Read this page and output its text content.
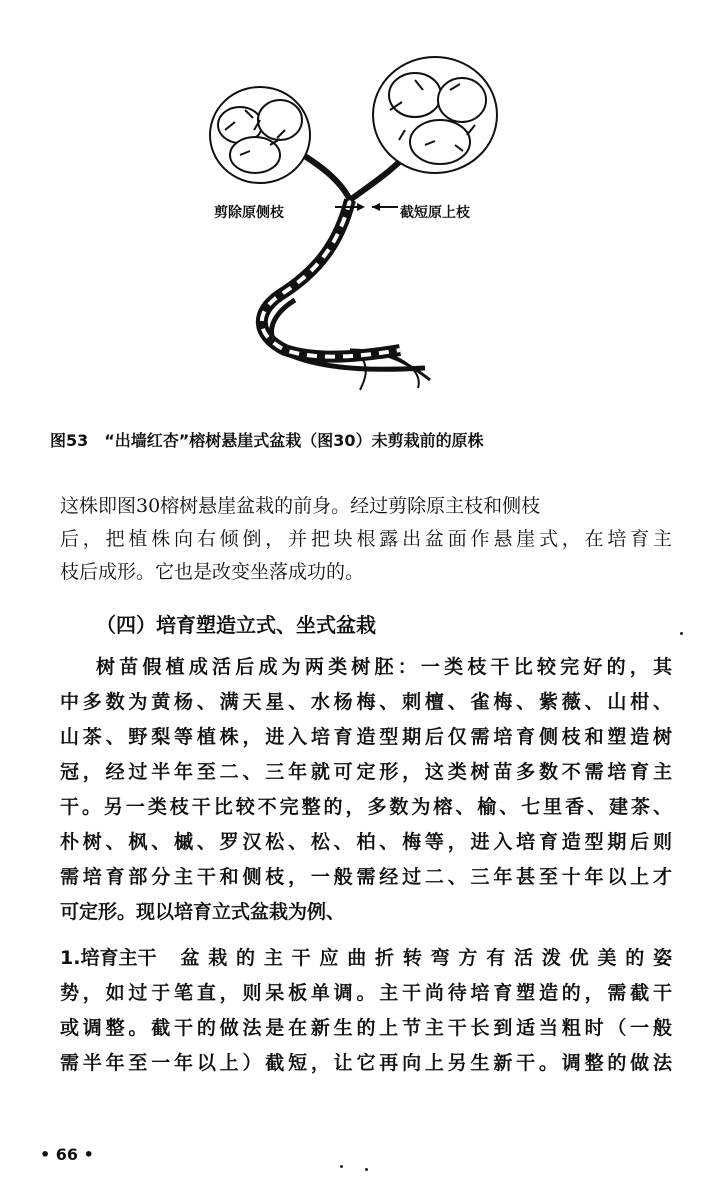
剪除原侧枝	截短原上枝
图53　“出墙红杏”榕树悬崖式盆栽（图30）未剪栽前的原株
这株即图30榕树悬崖盆栽的前身。经过剪除原主枝和侧枝
后，把植株向右倾倒，并把块根露出盆面作悬崖式，在培育主
枝后成形。它也是改变坐落成功的。
（四）培育塑造立式、坐式盆栽
树苗假植成活后成为两类树胚：一类枝干比较完好的，其
中多数为黄杨、满天星、水杨梅、刺檀、雀梅、紫薇、山柑、
山茶、野梨等植株，进入培育造型期后仅需培育侧枝和塑造树
冠，经过半年至二、三年就可定形，这类树苗多数不需培育主
干。另一类枝干比较不完整的，多数为榕、榆、七里香、建茶、
朴树、枫、槭、罗汉松、松、柏、梅等，进入培育造型期后则
需培育部分主干和侧枝，一般需经过二、三年甚至十年以上才
可定形。现以培育立式盆栽为例、
1.培育主干 盆栽的主干应曲折转弯方有活泼优美的姿
势，如过于笔直，则呆板单调。主干尚待培育塑造的，需截干
或调整。截干的做法是在新生的上节主干长到适当粗时（一般
需半年至一年以上）截短，让它再向上另生新干。调整的做法
• 66 •
